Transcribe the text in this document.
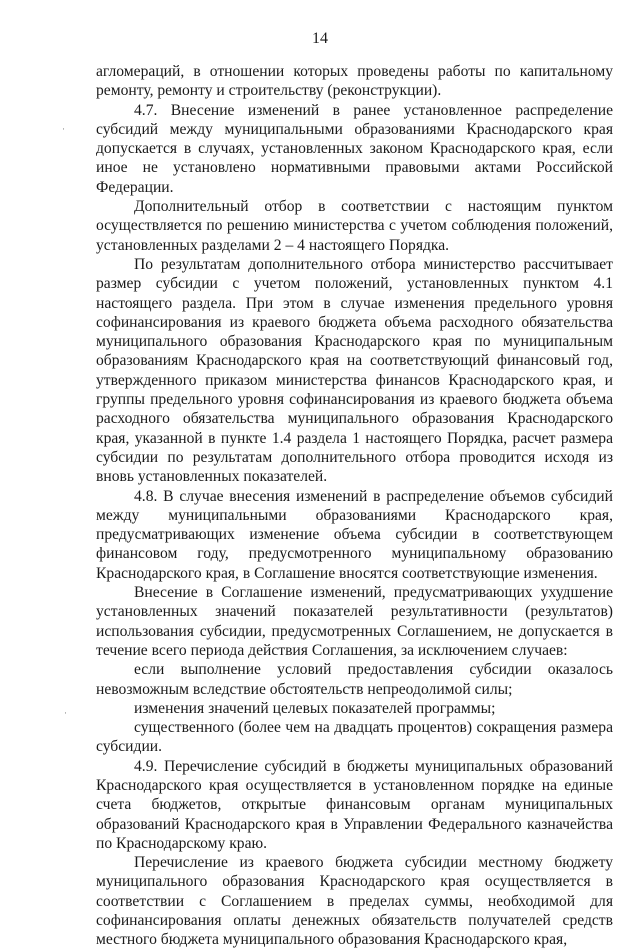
14
·
·

агломераций, в отношении которых проведены работы по капитальному ремонту, ремонту и строительству (реконструкции).

4.7. Внесение изменений в ранее установленное распределение субсидий между муниципальными образованиями Краснодарского края допускается в случаях, установленных законом Краснодарского края, если иное не установлено нормативными правовыми актами Российской Федерации.

Дополнительный отбор в соответствии с настоящим пунктом осуществляется по решению министерства с учетом соблюдения положений, установленных разделами 2 – 4 настоящего Порядка.

По результатам дополнительного отбора министерство рассчитывает размер субсидии с учетом положений, установленных пунктом 4.1 настоящего раздела. При этом в случае изменения предельного уровня софинансирования из краевого бюджета объема расходного обязательства муниципального образования Краснодарского края по муниципальным образованиям Краснодарского края на соответствующий финансовый год, утвержденного приказом министерства финансов Краснодарского края, и группы предельного уровня софинансирования из краевого бюджета объема расходного обязательства муниципального образования Краснодарского края, указанной в пункте 1.4 раздела 1 настоящего Порядка, расчет размера субсидии по результатам дополнительного отбора проводится исходя из вновь установленных показателей.

4.8. В случае внесения изменений в распределение объемов субсидий между муниципальными образованиями Краснодарского края, предусматривающих изменение объема субсидии в соответствующем финансовом году, предусмотренного муниципальному образованию Краснодарского края, в Соглашение вносятся соответствующие изменения.

Внесение в Соглашение изменений, предусматривающих ухудшение установленных значений показателей результативности (результатов) использования субсидии, предусмотренных Соглашением, не допускается в течение всего периода действия Соглашения, за исключением случаев:

если выполнение условий предоставления субсидии оказалось невозможным вследствие обстоятельств непреодолимой силы;

изменения значений целевых показателей программы;

существенного (более чем на двадцать процентов) сокращения размера субсидии.

4.9. Перечисление субсидий в бюджеты муниципальных образований Краснодарского края осуществляется в установленном порядке на единые счета бюджетов, открытые финансовым органам муниципальных образований Краснодарского края в Управлении Федерального казначейства по Краснодарскому краю.

Перечисление из краевого бюджета субсидии местному бюджету муниципального образования Краснодарского края осуществляется в соответствии с Соглашением в пределах суммы, необходимой для софинансирования оплаты денежных обязательств получателей средств местного бюджета муниципального образования Краснодарского края,
